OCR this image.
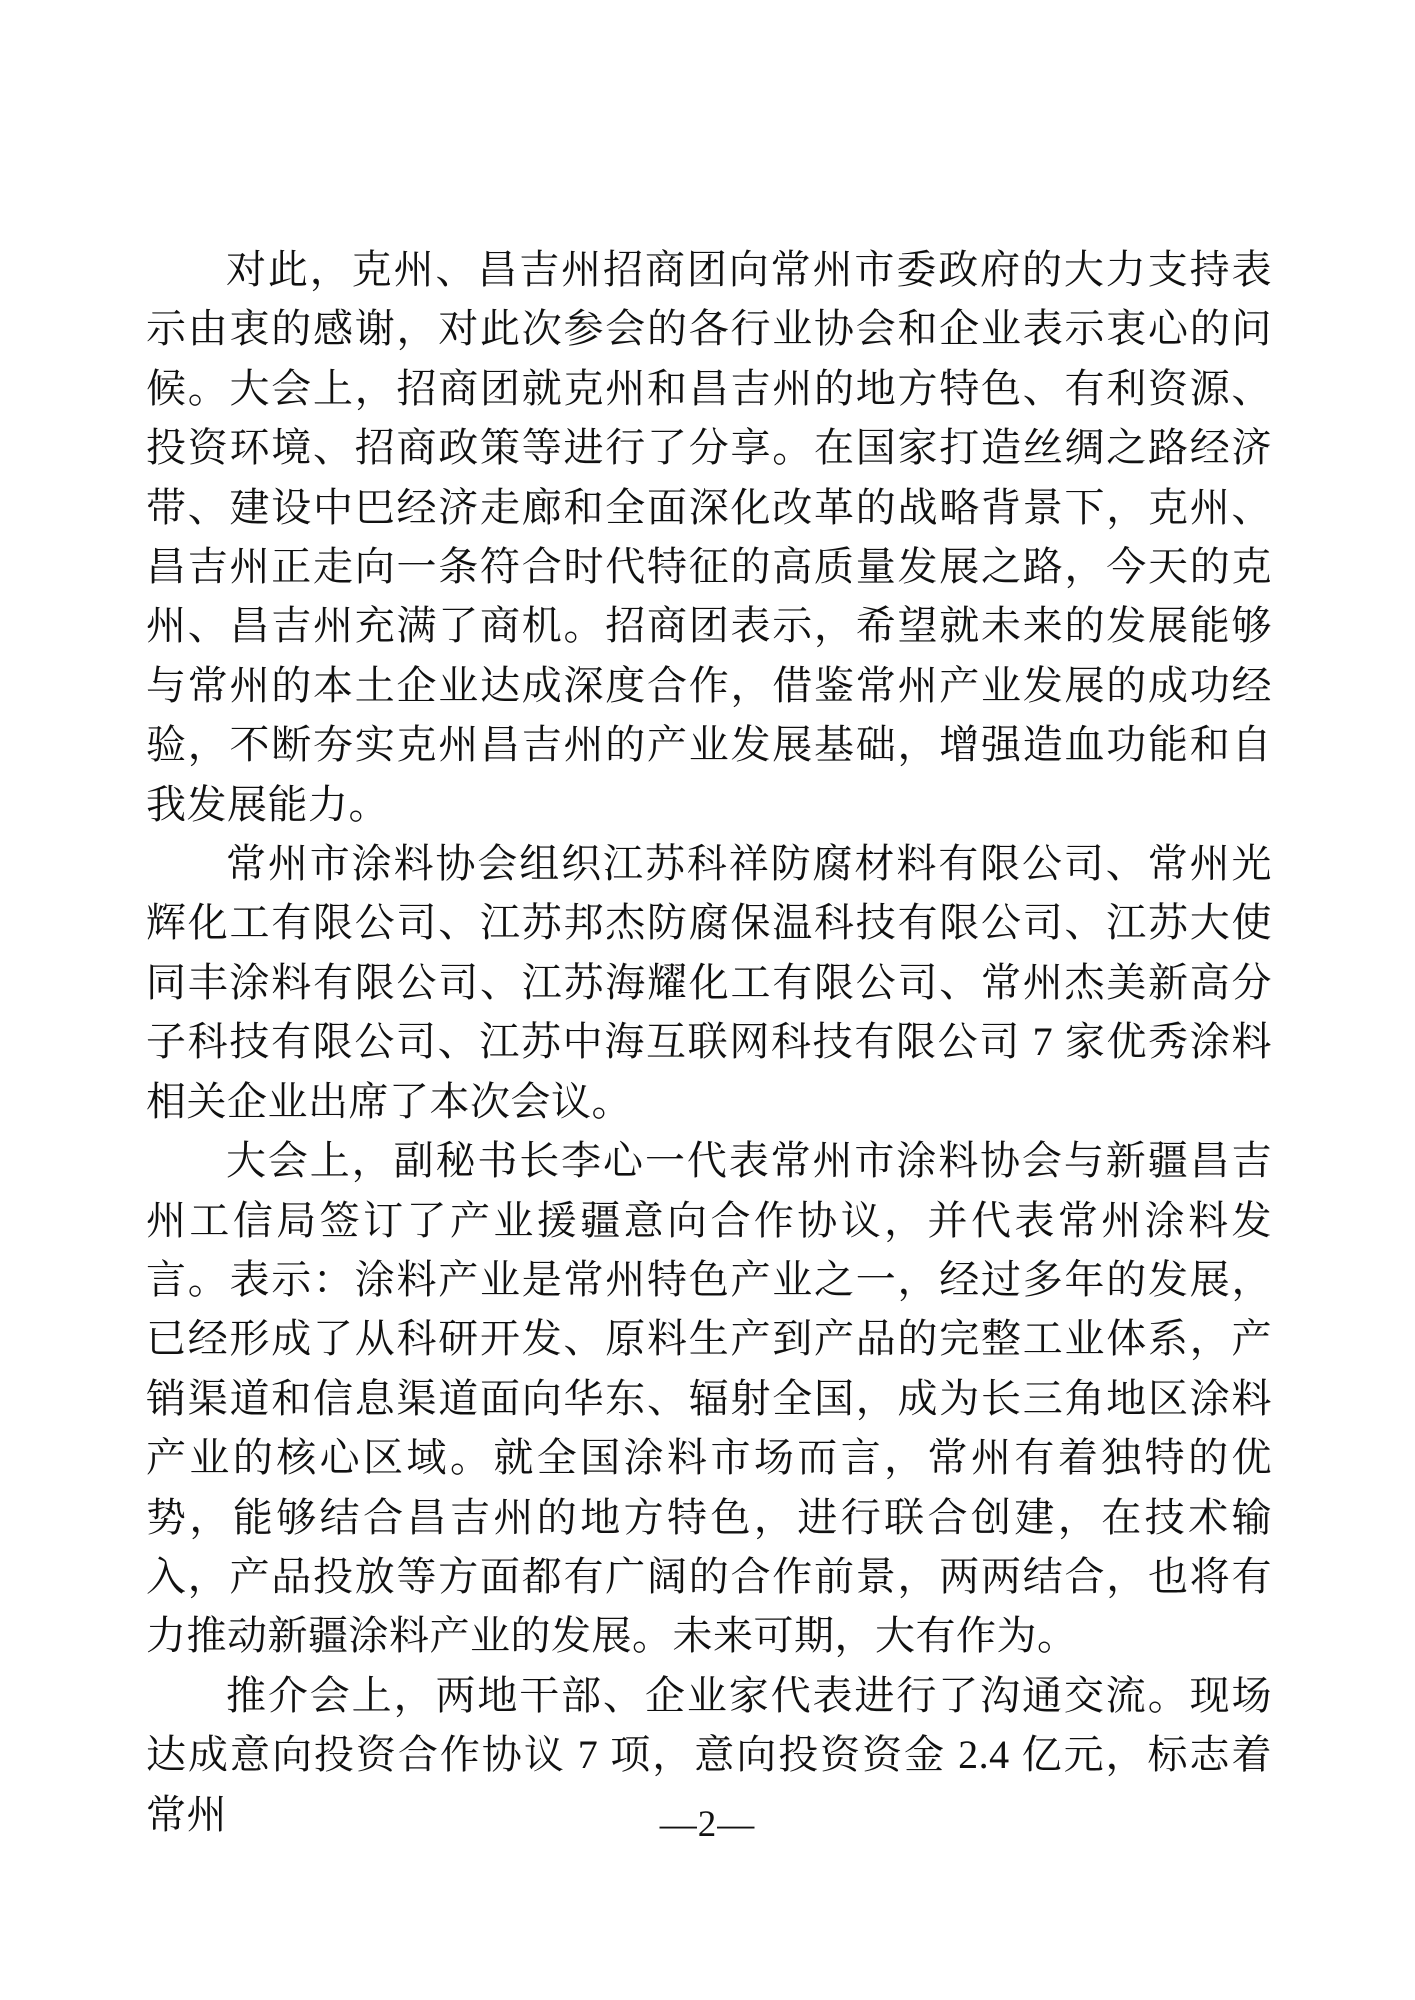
对此，克州、昌吉州招商团向常州市委政府的大力支持表示由衷的感谢，对此次参会的各行业协会和企业表示衷心的问候。大会上，招商团就克州和昌吉州的地方特色、有利资源、投资环境、招商政策等进行了分享。在国家打造丝绸之路经济带、建设中巴经济走廊和全面深化改革的战略背景下，克州、昌吉州正走向一条符合时代特征的高质量发展之路，今天的克州、昌吉州充满了商机。招商团表示，希望就未来的发展能够与常州的本土企业达成深度合作，借鉴常州产业发展的成功经验，不断夯实克州昌吉州的产业发展基础，增强造血功能和自我发展能力。

常州市涂料协会组织江苏科祥防腐材料有限公司、常州光辉化工有限公司、江苏邦杰防腐保温科技有限公司、江苏大使同丰涂料有限公司、江苏海耀化工有限公司、常州杰美新高分子科技有限公司、江苏中海互联网科技有限公司 7 家优秀涂料相关企业出席了本次会议。

大会上，副秘书长李心一代表常州市涂料协会与新疆昌吉州工信局签订了产业援疆意向合作协议，并代表常州涂料发言。表示：涂料产业是常州特色产业之一，经过多年的发展，已经形成了从科研开发、原料生产到产品的完整工业体系，产销渠道和信息渠道面向华东、辐射全国，成为长三角地区涂料产业的核心区域。就全国涂料市场而言，常州有着独特的优势，能够结合昌吉州的地方特色，进行联合创建，在技术输入，产品投放等方面都有广阔的合作前景，两两结合，也将有力推动新疆涂料产业的发展。未来可期，大有作为。

推介会上，两地干部、企业家代表进行了沟通交流。现场达成意向投资合作协议 7 项，意向投资资金 2.4 亿元，标志着常州	—2—
